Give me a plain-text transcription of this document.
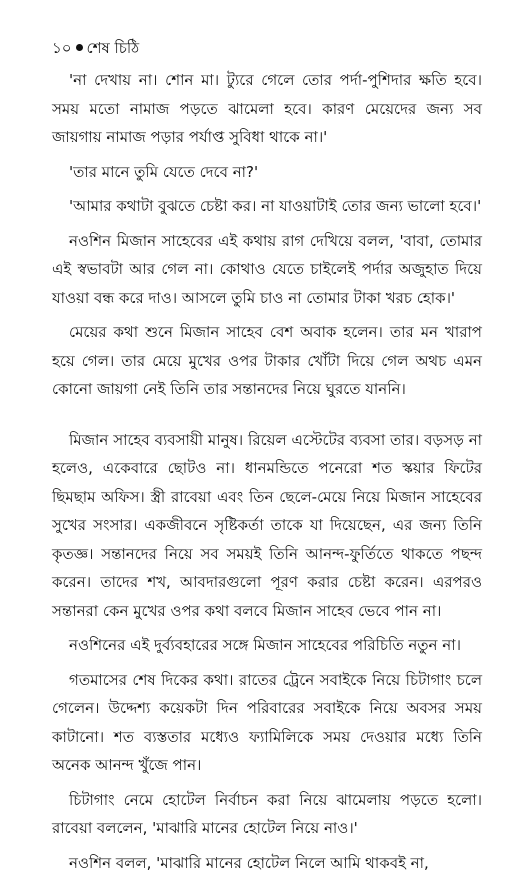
১০ শেষ চিঠি

'না দেখায় না। শোন মা। ট্যুরে গেলে তোর পর্দা-পুশিদার ক্ষতি হবে। সময় মতো নামাজ পড়তে ঝামেলা হবে। কারণ মেয়েদের জন্য সব জায়গায় নামাজ পড়ার পর্যাপ্ত সুবিধা থাকে না।'

'তার মানে তুমি যেতে দেবে না?'

'আমার কথাটা বুঝতে চেষ্টা কর। না যাওয়াটাই তোর জন্য ভালো হবে।'

নওশিন মিজান সাহেবের এই কথায় রাগ দেখিয়ে বলল, 'বাবা, তোমার এই স্বভাবটা আর গেল না। কোথাও যেতে চাইলেই পর্দার অজুহাত দিয়ে যাওয়া বন্ধ করে দাও। আসলে তুমি চাও না তোমার টাকা খরচ হোক।'

মেয়ের কথা শুনে মিজান সাহেব বেশ অবাক হলেন। তার মন খারাপ হয়ে গেল। তার মেয়ে মুখের ওপর টাকার খোঁটা দিয়ে গেল অথচ এমন কোনো জায়গা নেই তিনি তার সন্তানদের নিয়ে ঘুরতে যাননি।

মিজান সাহেব ব্যবসায়ী মানুষ। রিয়েল এস্টেটের ব্যবসা তার। বড়সড় না হলেও, একেবারে ছোটও না। ধানমন্ডিতে পনেরো শত স্কয়ার ফিটের ছিমছাম অফিস। স্ত্রী রাবেয়া এবং তিন ছেলে-মেয়ে নিয়ে মিজান সাহেবের সুখের সংসার। একজীবনে সৃষ্টিকর্তা তাকে যা দিয়েছেন, এর জন্য তিনি কৃতজ্ঞ। সন্তানদের নিয়ে সব সময়ই তিনি আনন্দ-ফুর্তিতে থাকতে পছন্দ করেন। তাদের শখ, আবদারগুলো পূরণ করার চেষ্টা করেন। এরপরও সন্তানরা কেন মুখের ওপর কথা বলবে মিজান সাহেব ভেবে পান না।

নওশিনের এই দুর্ব্যবহারের সঙ্গে মিজান সাহেবের পরিচিতি নতুন না।

গতমাসের শেষ দিকের কথা। রাতের ট্রেনে সবাইকে নিয়ে চিটাগাং চলে গেলেন। উদ্দেশ্য কয়েকটা দিন পরিবারের সবাইকে নিয়ে অবসর সময় কাটানো। শত ব্যস্ততার মধ্যেও ফ্যামিলিকে সময় দেওয়ার মধ্যে তিনি অনেক আনন্দ খুঁজে পান।

চিটাগাং নেমে হোটেল নির্বাচন করা নিয়ে ঝামেলায় পড়তে হলো। রাবেয়া বললেন, 'মাঝারি মানের হোটেল নিয়ে নাও।'

নওশিন বলল, 'মাঝারি মানের হোটেল নিলে আমি থাকবই না,
